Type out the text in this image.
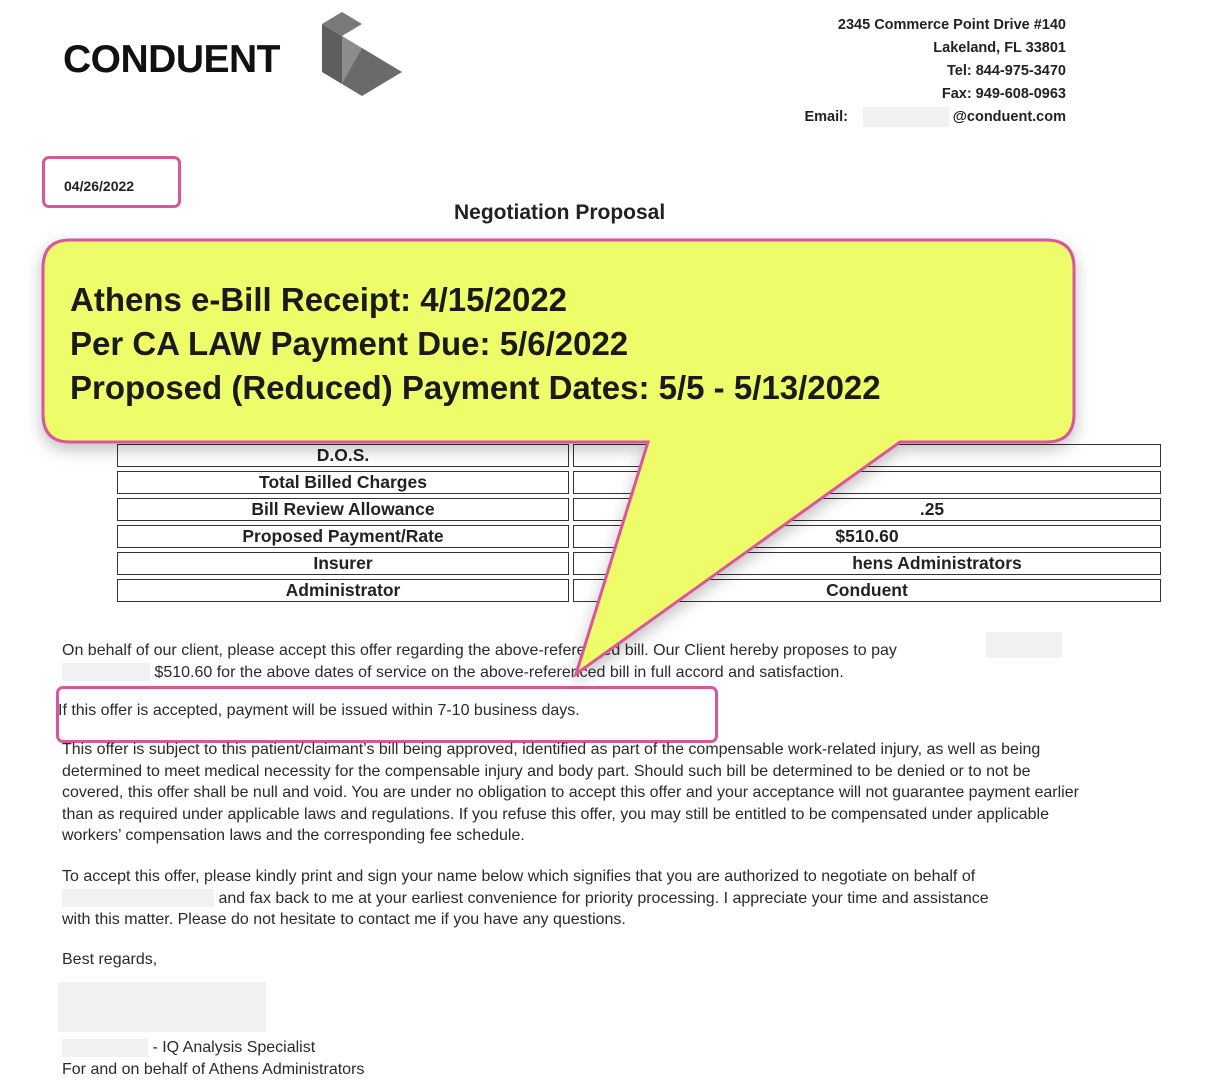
CONDUENT
2345 Commerce Point Drive #140
Lakeland, FL 33801
Tel: 844-975-3470
Fax: 949-608-0963
Email:	@conduent.com
04/26/2022
Negotiation Proposal
D.O.S.	
Total Billed Charges	
Bill Review Allowance	.25
Proposed Payment/Rate	$510.60
Insurer	hens Administrators
Administrator	Conduent
On behalf of our client, please accept this offer regarding the above-referenced bill. Our Client hereby proposes to pay
$510.60 for the above dates of service on the above-referenced bill in full accord and satisfaction.
If this offer is accepted, payment will be issued within 7-10 business days.
This offer is subject to this patient/claimant’s bill being approved, identified as part of the compensable work-related injury, as well as being determined to meet medical necessity for the compensable injury and body part. Should such bill be determined to be denied or to not be covered, this offer shall be null and void. You are under no obligation to accept this offer and your acceptance will not guarantee payment earlier than as required under applicable laws and regulations. If you refuse this offer, you may still be entitled to be compensated under applicable workers’ compensation laws and the corresponding fee schedule.
To accept this offer, please kindly print and sign your name below which signifies that you are authorized to negotiate on behalf of
and fax back to me at your earliest convenience for priority processing. I appreciate your time and assistance
with this matter. Please do not hesitate to contact me if you have any questions.
Best regards,
- IQ Analysis Specialist
For and on behalf of Athens Administrators
Athens e-Bill Receipt: 4/15/2022
Per CA LAW Payment Due: 5/6/2022
Proposed (Reduced) Payment Dates: 5/5 - 5/13/2022
